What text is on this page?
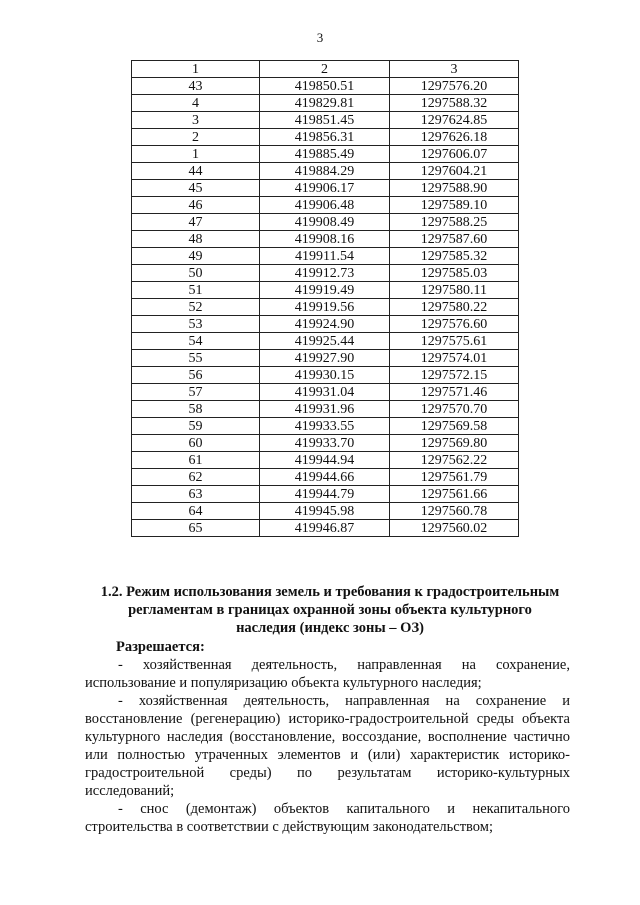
3
1	2	3
43	419850.51	1297576.20
4	419829.81	1297588.32
3	419851.45	1297624.85
2	419856.31	1297626.18
1	419885.49	1297606.07
44	419884.29	1297604.21
45	419906.17	1297588.90
46	419906.48	1297589.10
47	419908.49	1297588.25
48	419908.16	1297587.60
49	419911.54	1297585.32
50	419912.73	1297585.03
51	419919.49	1297580.11
52	419919.56	1297580.22
53	419924.90	1297576.60
54	419925.44	1297575.61
55	419927.90	1297574.01
56	419930.15	1297572.15
57	419931.04	1297571.46
58	419931.96	1297570.70
59	419933.55	1297569.58
60	419933.70	1297569.80
61	419944.94	1297562.22
62	419944.66	1297561.79
63	419944.79	1297561.66
64	419945.98	1297560.78
65	419946.87	1297560.02
1.2. Режим использования земель и требования к градостроительным
регламентам в границах охранной зоны объекта культурного
наследия (индекс зоны – ОЗ)
Разрешается:

- хозяйственная деятельность, направленная на сохранение, использование и популяризацию объекта культурного наследия;

- хозяйственная деятельность, направленная на сохранение и восстановление (регенерацию) историко-градостроительной среды объекта культурного наследия (восстановление, воссоздание, восполнение частично или полностью утраченных элементов и (или) характеристик историко-градостроительной среды) по результатам историко-культурных исследований;

- снос (демонтаж) объектов капитального и некапитального строительства в соответствии с действующим законодательством;
